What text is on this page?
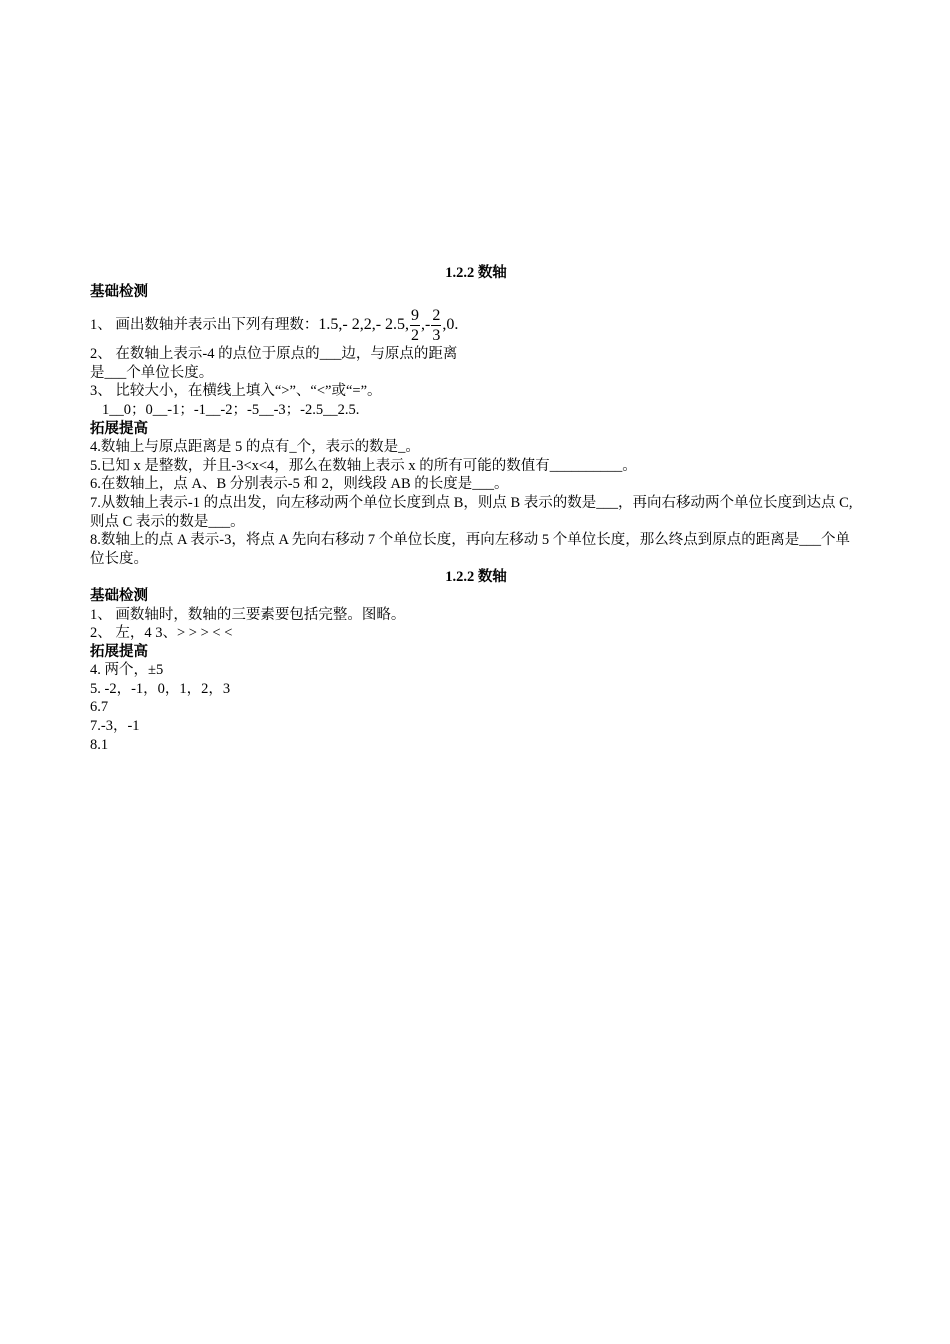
1.2.2 数轴
基础检测
1、 画出数轴并表示出下列有理数： 1.5,- 2,2,- 2.5, $\frac{9}{2}$ ,- $\frac{2}{3} ,0$.
2、 在数轴上表示-4 的点位于原点的___边，与原点的距离
是___个单位长度。
3、 比较大小，在横线上填入“>”、“<”或“=”。
1__0；0__-1；-1__-2；-5__-3；-2.5__2.5.
拓展提高
4.数轴上与原点距离是 5 的点有_个，表示的数是_。
5.已知 x 是整数，并且-3<x<4，那么在数轴上表示 x 的所有可能的数值有__________。
6.在数轴上，点 A、B 分别表示-5 和 2，则线段 AB 的长度是___。
7.从数轴上表示-1 的点出发，向左移动两个单位长度到点 B，则点 B 表示的数是___，再向右移动两个单位长度到达点 C,则点 C 表示的数是___。
8.数轴上的点 A 表示-3，将点 A 先向右移动 7 个单位长度，再向左移动 5 个单位长度，那么终点到原点的距离是___个单位长度。
1.2.2 数轴
基础检测
1、 画数轴时，数轴的三要素要包括完整。图略。
2、 左，4 3、> > > < <
拓展提高
4. 两个，±5
5. -2，-1，0，1，2，3
6.7
7.-3，-1
8.1
